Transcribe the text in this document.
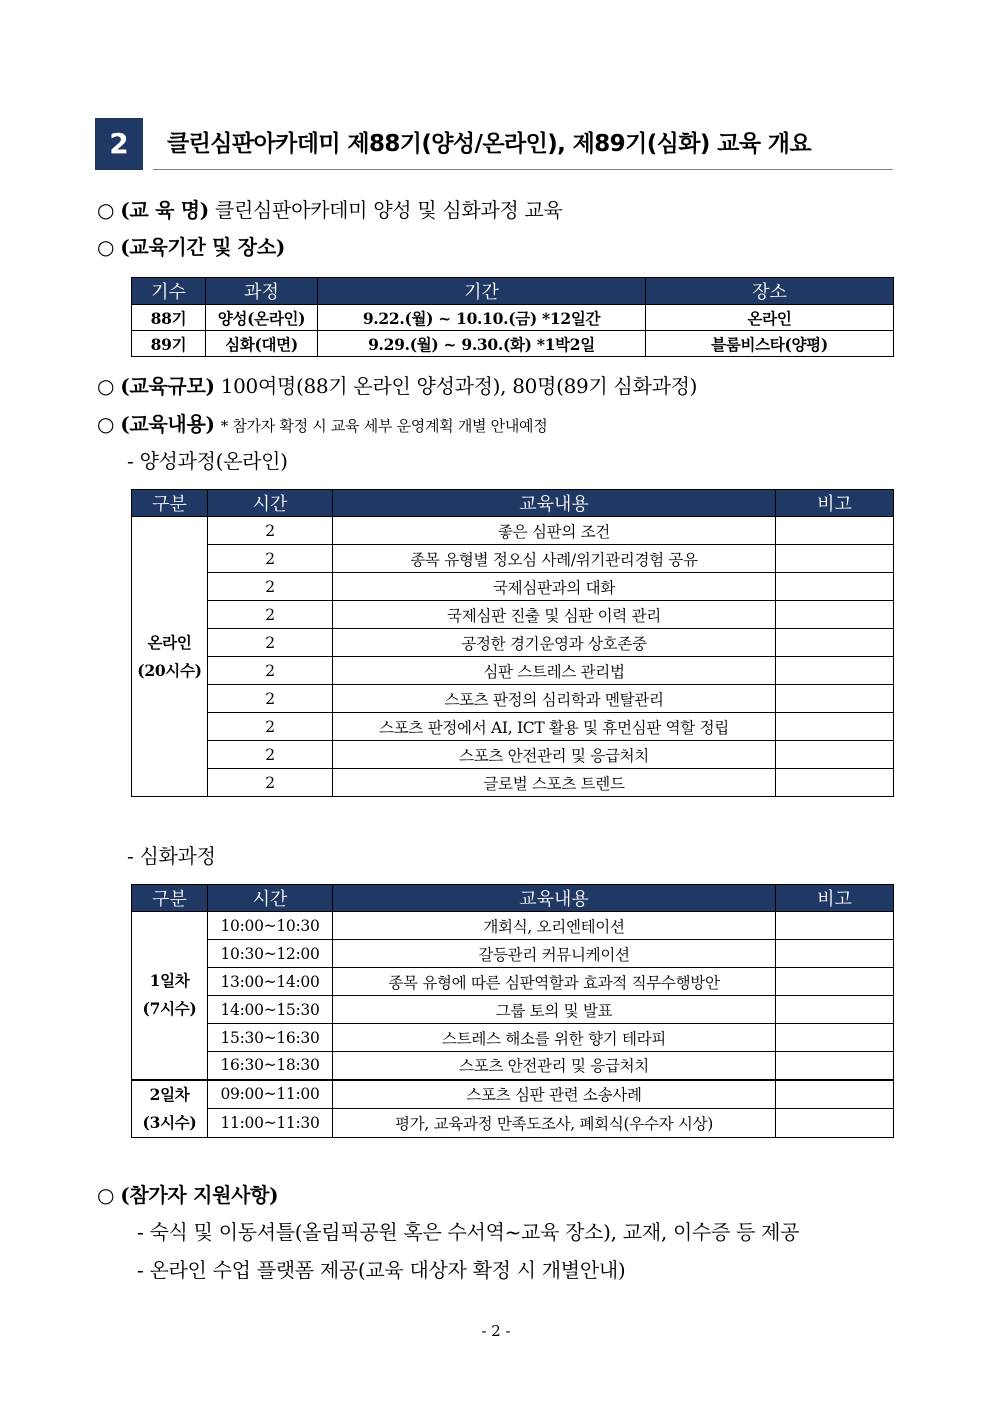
2	클린심판아카데미 제88기(양성/온라인), 제89기(심화) 교육 개요
○ (교 육 명) 클린심판아카데미 양성 및 심화과정 교육
○ (교육기간 및 장소)
기수	과정	기간	장소
88기	양성(온라인)	9.22.(월) ~ 10.10.(금) *12일간	온라인
89기	심화(대면)	9.29.(월) ~ 9.30.(화) *1박2일	블룸비스타(양평)
○ (교육규모) 100여명(88기 온라인 양성과정), 80명(89기 심화과정)
○ (교육내용) * 참가자 확정 시 교육 세부 운영계획 개별 안내예정
- 양성과정(온라인)
구분	시간	교육내용	비고

온라인
(20시수)	2	좋은 심판의 조건	
	2	종목 유형별 정오심 사례/위기관리경험 공유	
	2	국제심판과의 대화	
	2	국제심판 진출 및 심판 이력 관리	
	2	공정한 경기운영과 상호존중	
	2	심판 스트레스 관리법	
	2	스포츠 판정의 심리학과 멘탈관리	
	2	스포츠 판정에서 AI, ICT 활용 및 휴먼심판 역할 정립	
	2	스포츠 안전관리 및 응급처치	
	2	글로벌 스포츠 트렌드	
- 심화과정
구분	시간	교육내용	비고

1일차
(7시수)	10:00~10:30	개회식, 오리엔테이션	
	10:30~12:00	갈등관리 커뮤니케이션	
	13:00~14:00	종목 유형에 따른 심판역할과 효과적 직무수행방안	
	14:00~15:30	그룹 토의 및 발표	
	15:30~16:30	스트레스 해소를 위한 향기 테라피	
	16:30~18:30	스포츠 안전관리 및 응급처치	

2일차
(3시수)	09:00~11:00	스포츠 심판 관련 소송사례	
	11:00~11:30	평가, 교육과정 만족도조사, 폐회식(우수자 시상)	
○ (참가자 지원사항)
- 숙식 및 이동셔틀(올림픽공원 혹은 수서역~교육 장소), 교재, 이수증 등 제공
- 온라인 수업 플랫폼 제공(교육 대상자 확정 시 개별안내)
- 2 -
